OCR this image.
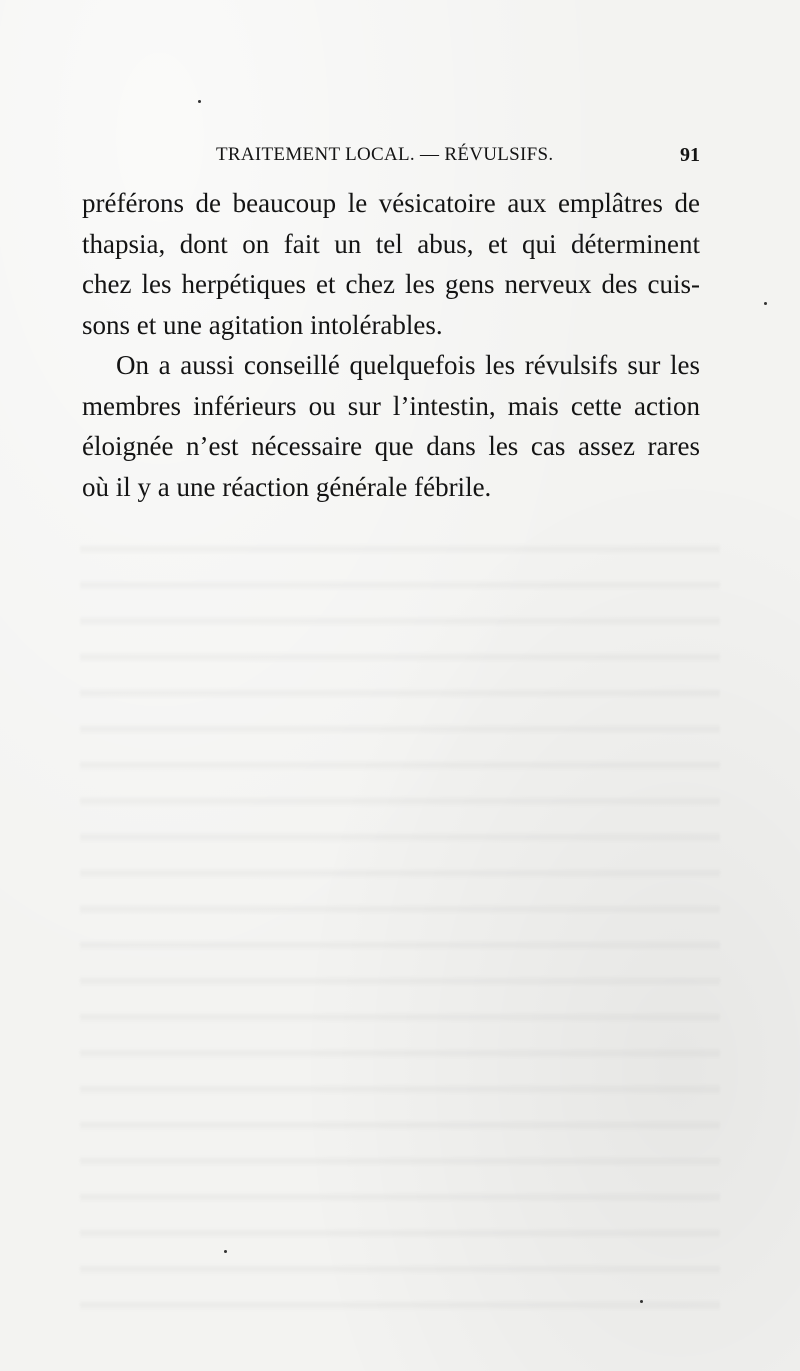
TRAITEMENT LOCAL. — RÉVULSIFS.	91

préférons de beaucoup le vésicatoire aux emplâtres de

thapsia, dont on fait un tel abus, et qui déterminent

chez les herpétiques et chez les gens nerveux des cuis-

sons et une agitation intolérables.

On a aussi conseillé quelquefois les révulsifs sur les

membres inférieurs ou sur l’intestin, mais cette action

éloignée n’est nécessaire que dans les cas assez rares

où il y a une réaction générale fébrile.
